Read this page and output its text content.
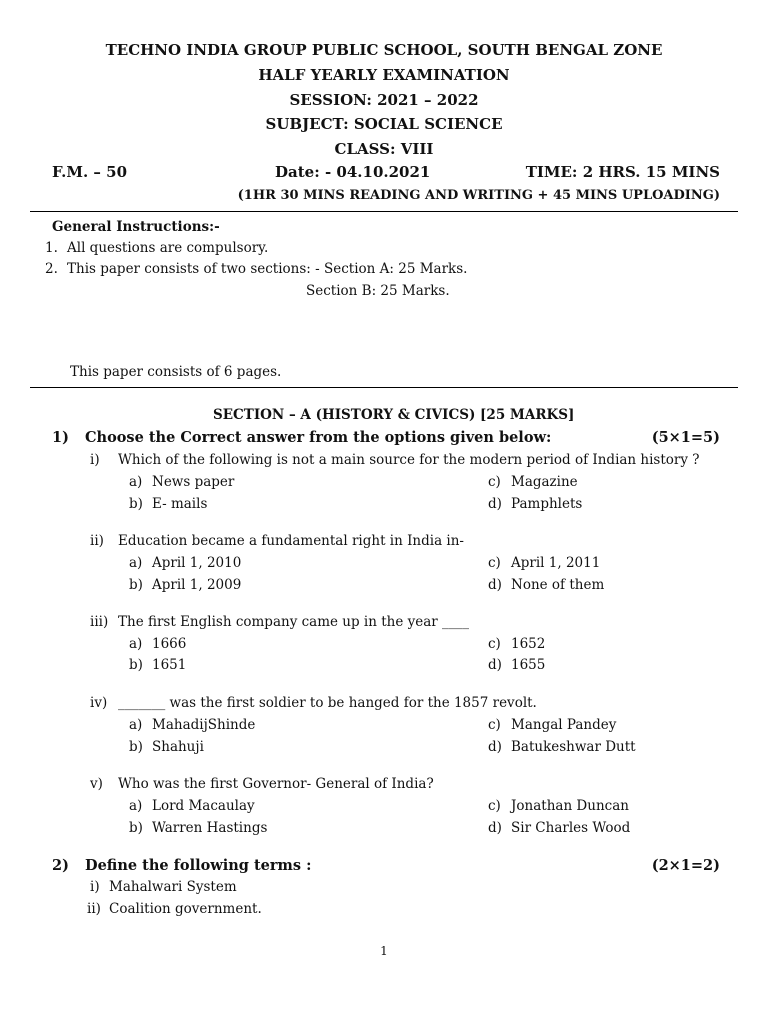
TECHNO INDIA GROUP PUBLIC SCHOOL, SOUTH BENGAL ZONE
HALF YEARLY EXAMINATION
SESSION: 2021 – 2022
SUBJECT: SOCIAL SCIENCE
CLASS: VIII
F.M. – 50	Date: - 04.10.2021	TIME: 2 HRS. 15 MINS
(1HR 30 MINS READING AND WRITING + 45 MINS UPLOADING)
General Instructions:-
1. All questions are compulsory.
2. This paper consists of two sections: - Section A: 25 Marks.
Section B: 25 Marks.
This paper consists of 6 pages.
SECTION – A (HISTORY & CIVICS) [25 MARKS]
1) Choose the Correct answer from the options given below:	(5×1=5)
i) Which of the following is not a main source for the modern period of Indian history ?
a) News paper	c) Magazine
b) E- mails	d) Pamphlets
ii) Education became a fundamental right in India in-
a) April 1, 2010	c) April 1, 2011
b) April 1, 2009	d) None of them
iii) The first English company came up in the year ____
a) 1666	c) 1652
b) 1651	d) 1655
iv) _______ was the first soldier to be hanged for the 1857 revolt.
a) MahadijShinde	c) Mangal Pandey
b) Shahuji	d) Batukeshwar Dutt
v) Who was the first Governor- General of India?
a) Lord Macaulay	c) Jonathan Duncan
b) Warren Hastings	d) Sir Charles Wood
2) Define the following terms :	(2×1=2)
i) Mahalwari System
ii) Coalition government.
1
